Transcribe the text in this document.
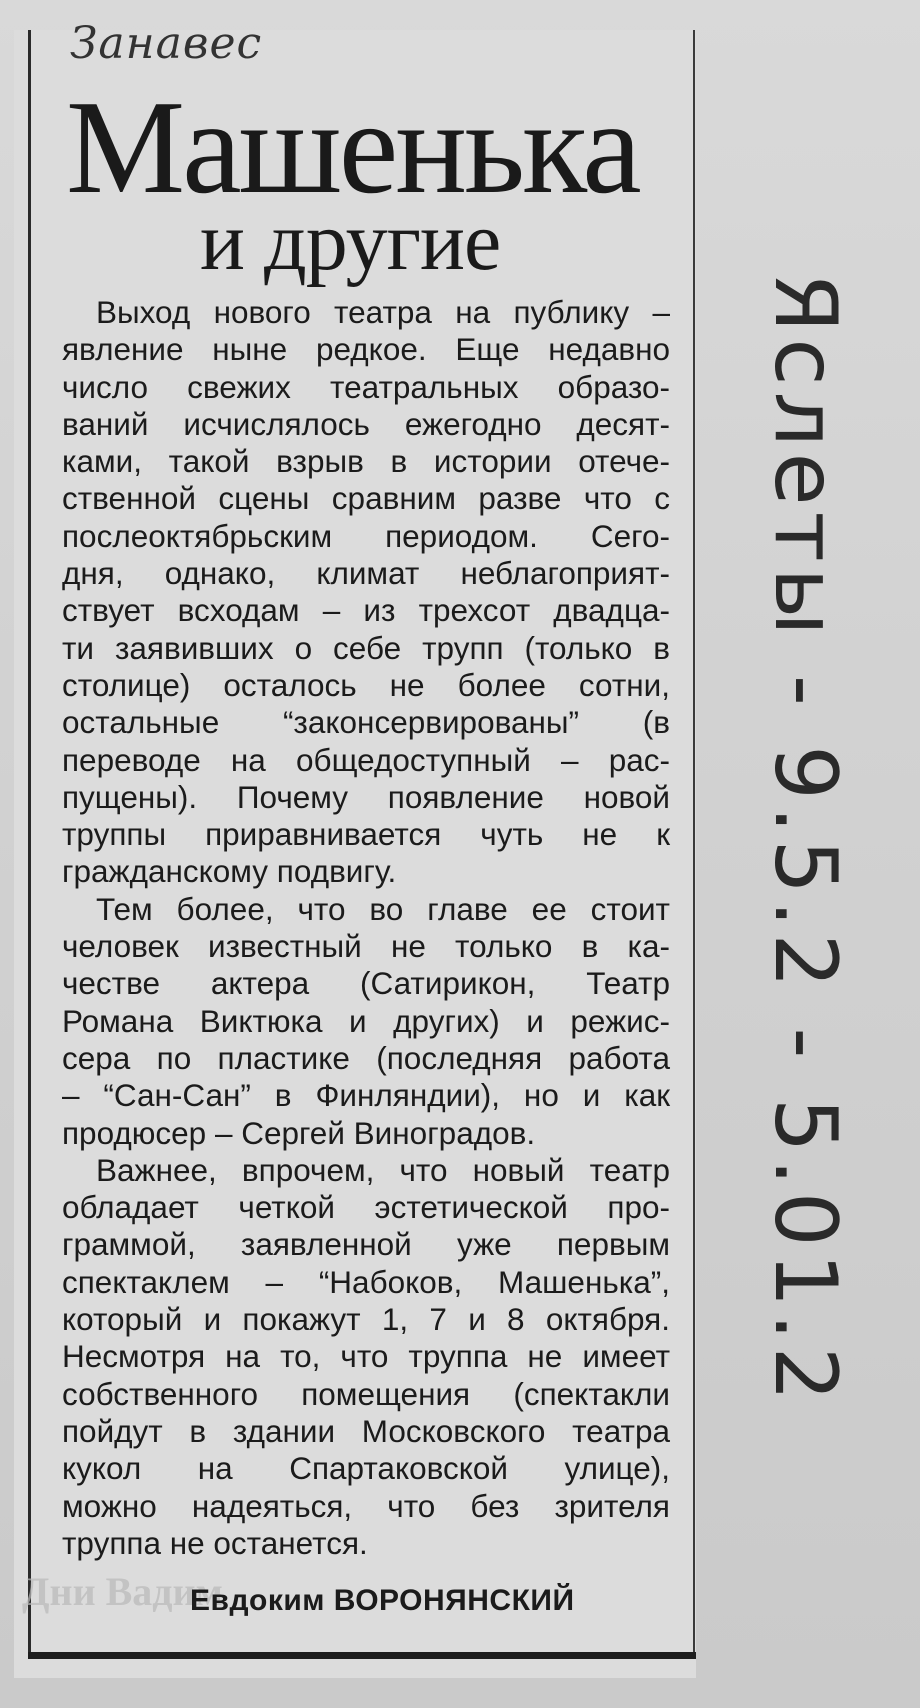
Занавес
Машенька
и другие
Выход нового театра на публику –
явление ныне редкое. Еще недавно
число свежих театральных образо-
ваний исчислялось ежегодно десят-
ками, такой взрыв в истории отече-
ственной сцены сравним разве что с
послеоктябрьским периодом. Сего-
дня, однако, климат неблагоприят-
ствует всходам – из трехсот двадца-
ти заявивших о себе трупп (только в
столице) осталось не более сотни,
остальные “законсервированы” (в
переводе на общедоступный – рас-
пущены). Почему появление новой
труппы приравнивается чуть не к
гражданскому подвигу.
Тем более, что во главе ее стоит
человек известный не только в ка-
честве актера (Сатирикон, Театр
Романа Виктюка и других) и режис-
сера по пластике (последняя работа
– “Сан-Сан” в Финляндии), но и как
продюсер – Сергей Виноградов.
Важнее, впрочем, что новый театр
обладает четкой эстетической про-
граммой, заявленной уже первым
спектаклем – “Набоков, Машенька”,
который и покажут 1, 7 и 8 октября.
Несмотря на то, что труппа не имеет
собственного помещения (спектакли
пойдут в здании Московского театра
кукол на Спартаковской улице),
можно надеяться, что без зрителя
труппа не останется.
Дни Вадим
Евдоким ВОРОНЯНСКИЙ
Яслеты - 9.5.2 - 5.01.2
